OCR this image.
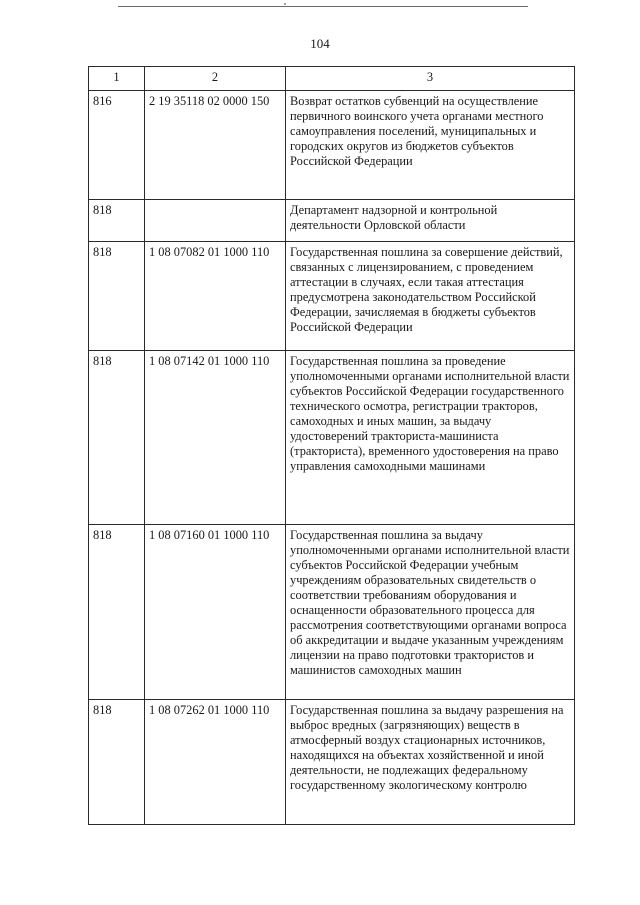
104
1	2	3
816	2 19 35118 02 0000 150	Возврат остатков субвенций на осуществление первичного воинского учета органами местного самоуправления поселений, муниципальных и городских округов из бюджетов субъектов Российской Федерации
818		Департамент надзорной и контрольной деятельности Орловской области
818	1 08 07082 01 1000 110	Государственная пошлина за совершение действий, связанных с лицензированием, с проведением аттестации в случаях, если такая аттестация предусмотрена законодательством Российской Федерации, зачисляемая в бюджеты субъектов Российской Федерации
818	1 08 07142 01 1000 110	Государственная пошлина за проведение уполномоченными органами исполнительной власти субъектов Российской Федерации государственного технического осмотра, регистрации тракторов, самоходных и иных машин, за выдачу удостоверений тракториста-машиниста (тракториста), временного удостоверения на право управления самоходными машинами
818	1 08 07160 01 1000 110	Государственная пошлина за выдачу уполномоченными органами исполнительной власти субъектов Российской Федерации учебным учреждениям образовательных свидетельств о соответствии требованиям оборудования и оснащенности образовательного процесса для рассмотрения соответствующими органами вопроса об аккредитации и выдаче указанным учреждениям лицензии на право подготовки трактористов и машинистов самоходных машин
818	1 08 07262 01 1000 110	Государственная пошлина за выдачу разрешения на выброс вредных (загрязняющих) веществ в атмосферный воздух стационарных источников, находящихся на объектах хозяйственной и иной деятельности, не подлежащих федеральному государственному экологическому контролю
